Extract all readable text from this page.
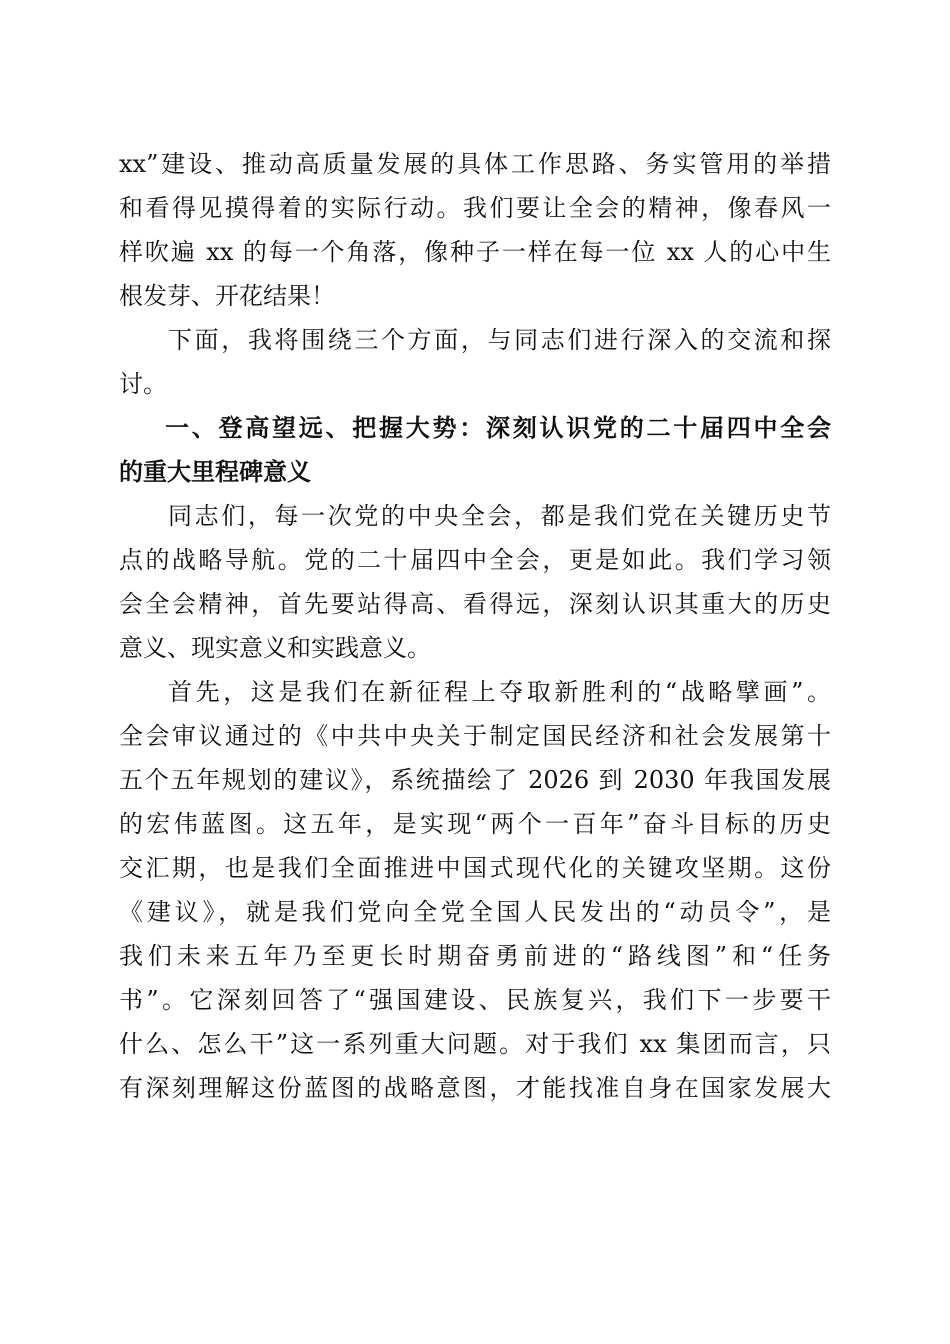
xx”建设、推动高质量发展的具体工作思路、务实管用的举措
和看得见摸得着的实际行动。我们要让全会的精神，像春风一
样吹遍 xx 的每一个角落，像种子一样在每一位 xx 人的心中生
根发芽、开花结果！
下面，我将围绕三个方面，与同志们进行深入的交流和探
讨。
一、登高望远、把握大势：深刻认识党的二十届四中全会
的重大里程碑意义
同志们，每一次党的中央全会，都是我们党在关键历史节
点的战略导航。党的二十届四中全会，更是如此。我们学习领
会全会精神，首先要站得高、看得远，深刻认识其重大的历史
意义、现实意义和实践意义。
首先，这是我们在新征程上夺取新胜利的“战略擘画”。
全会审议通过的《中共中央关于制定国民经济和社会发展第十
五个五年规划的建议》，系统描绘了 2026 到 2030 年我国发展
的宏伟蓝图。这五年，是实现“两个一百年”奋斗目标的历史
交汇期，也是我们全面推进中国式现代化的关键攻坚期。这份
《建议》，就是我们党向全党全国人民发出的“动员令”，是
我们未来五年乃至更长时期奋勇前进的“路线图”和“任务
书”。它深刻回答了“强国建设、民族复兴，我们下一步要干
什么、怎么干”这一系列重大问题。对于我们 xx 集团而言，只
有深刻理解这份蓝图的战略意图，才能找准自身在国家发展大
